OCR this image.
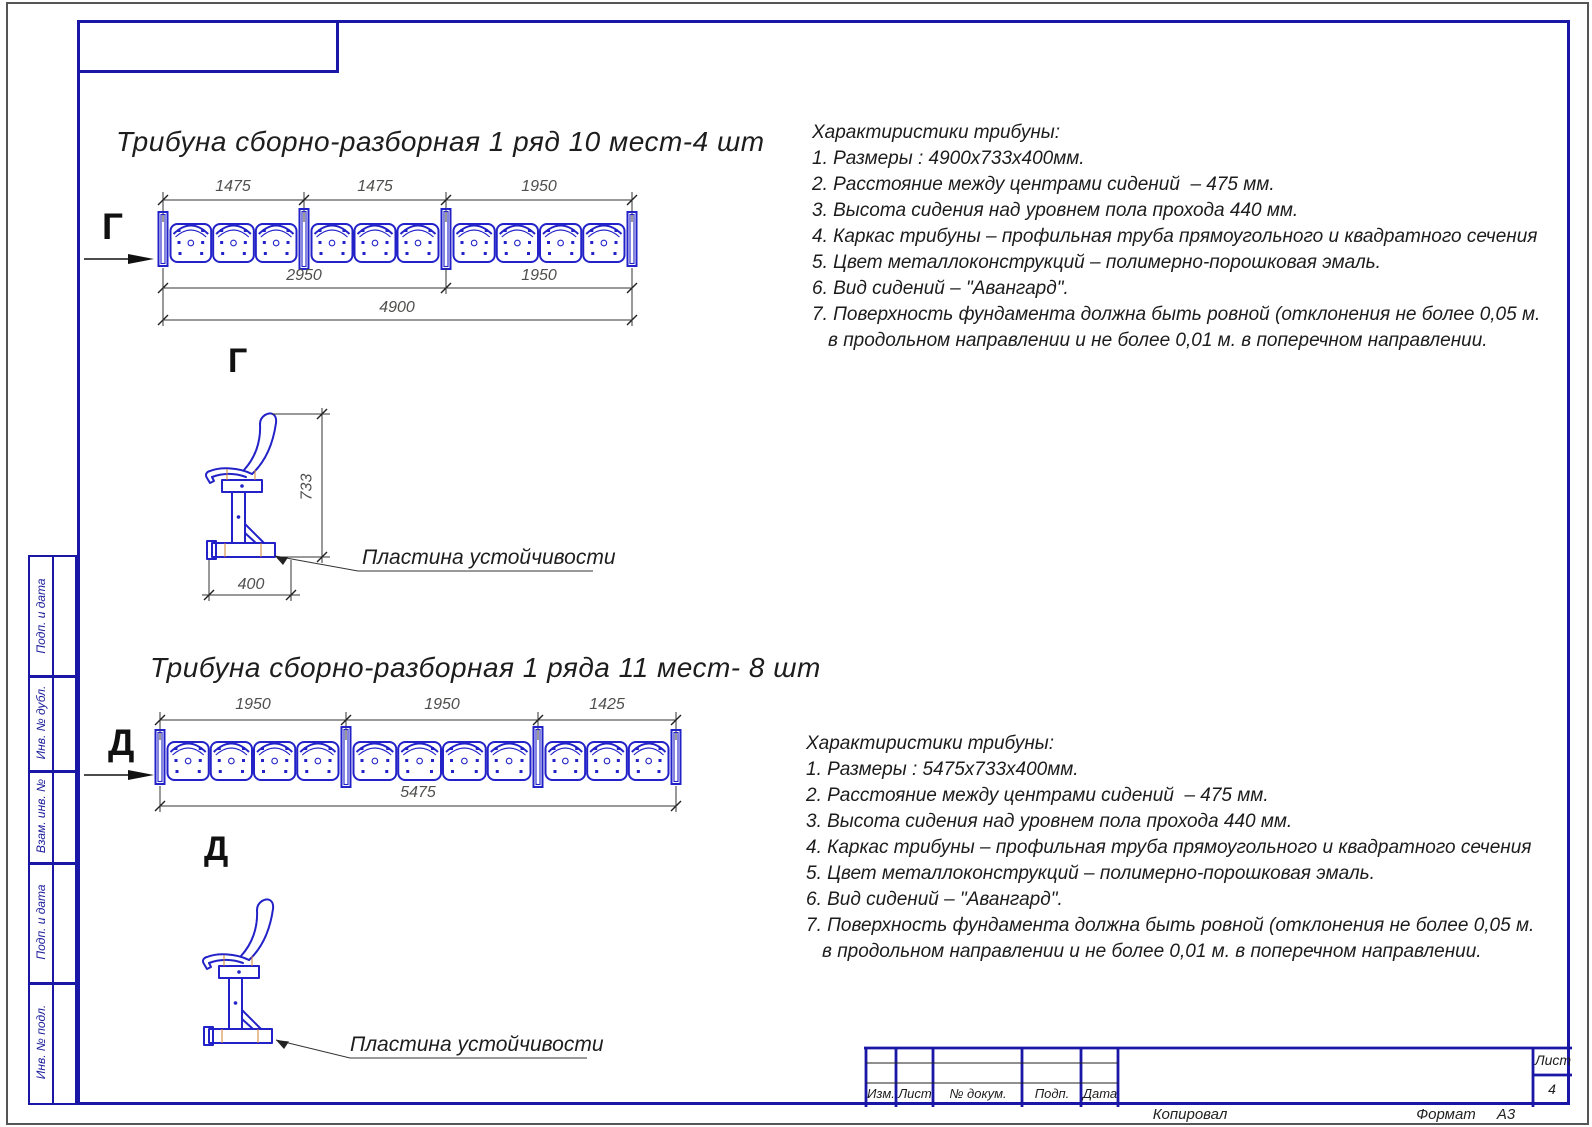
Подп. и дата
Инв. № дубл.
Взам. инв. №
Подп. и дата
Инв. № подл.
Трибуна сборно-разборная 1 ряд 10 мест-4 шт
Г
1475	1475	1950
2950	1950
4900
Г
733
400
Пластина устойчивости
Характиристики трибуны:
1. Размеры : 4900х733х400мм.
2. Расстояние между центрами сидений  – 475 мм.
3. Высота сидения над уровнем пола прохода 440 мм.
4. Каркас трибуны – профильная труба прямоугольного и квадратного сечения
5. Цвет металлоконструкций – полимерно-порошковая эмаль.
6. Вид сидений – "Авангард".
7. Поверхность фундамента должна быть ровной (отклонения не более 0,05 м.
в продольном направлении и не более 0,01 м. в поперечном направлении.
Трибуна сборно-разборная 1 ряда 11 мест- 8 шт
Д
1950	1950	1425
5475
Д
Пластина устойчивости
Характиристики трибуны:
1. Размеры : 5475х733х400мм.
2. Расстояние между центрами сидений  – 475 мм.
3. Высота сидения над уровнем пола прохода 440 мм.
4. Каркас трибуны – профильная труба прямоугольного и квадратного сечения
5. Цвет металлоконструкций – полимерно-порошковая эмаль.
6. Вид сидений – "Авангард".
7. Поверхность фундамента должна быть ровной (отклонения не более 0,05 м.
в продольном направлении и не более 0,01 м. в поперечном направлении.
Изм. Лист № докум. Подп. Дата
Лист
4
Копировал	Формат А3
